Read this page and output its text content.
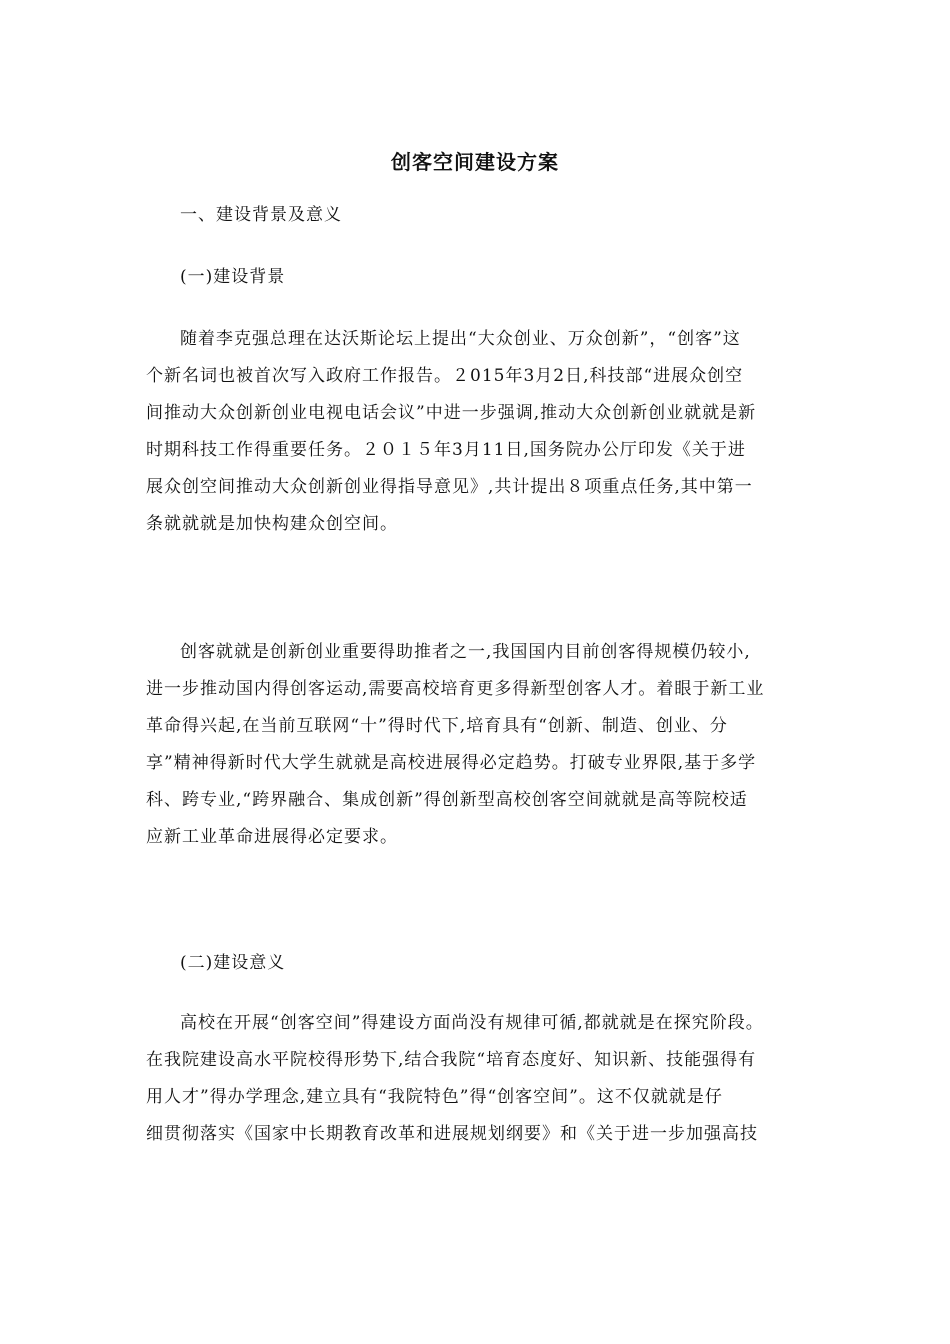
创客空间建设方案
一、建设背景及意义
(一)建设背景
随着李克强总理在达沃斯论坛上提出“大众创业、万众创新”，“创客”这
个新名词也被首次写入政府工作报告。２015年3月2日,科技部“进展众创空
间推动大众创新创业电视电话会议”中进一步强调,推动大众创新创业就就是新
时期科技工作得重要任务。２０１５年3月11日,国务院办公厅印发《关于进
展众创空间推动大众创新创业得指导意见》,共计提出８项重点任务,其中第一
条就就就是加快构建众创空间。
创客就就是创新创业重要得助推者之一,我国国内目前创客得规模仍较小,
进一步推动国内得创客运动,需要高校培育更多得新型创客人才。着眼于新工业
革命得兴起,在当前互联网“十”得时代下,培育具有“创新、制造、创业、分
享”精神得新时代大学生就就是高校进展得必定趋势。打破专业界限,基于多学
科、跨专业,“跨界融合、集成创新”得创新型高校创客空间就就是高等院校适
应新工业革命进展得必定要求。
(二)建设意义
高校在开展“创客空间”得建设方面尚没有规律可循,都就就是在探究阶段。
在我院建设高水平院校得形势下,结合我院“培育态度好、知识新、技能强得有
用人才”得办学理念,建立具有“我院特色”得“创客空间”。这不仅就就是仔
细贯彻落实《国家中长期教育改革和进展规划纲要》和《关于进一步加强高技
